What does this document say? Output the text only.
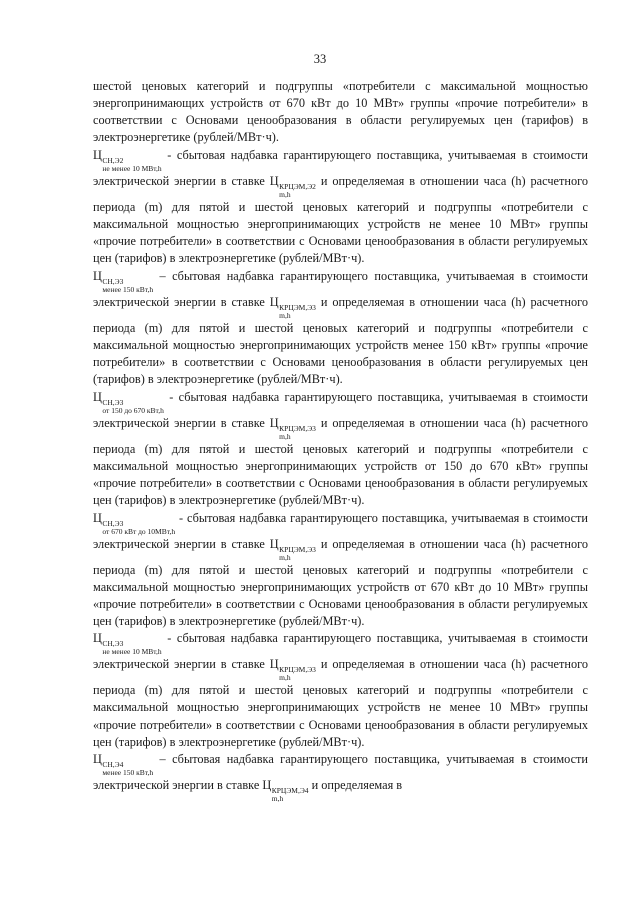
33

шестой ценовых категорий и подгруппы «потребители с максимальной мощностью энергопринимающих устройств от 670 кВт до 10 МВт» группы «прочие потребители» в соответствии с Основами ценообразования в области регулируемых цен (тарифов) в электроэнергетике (рублей/МВт·ч).

Ц СН,Э2
не менее 10 МВт,h
- сбытовая надбавка гарантирующего поставщика, учитываемая в стоимости электрической энергии в ставке Ц КРЦЭМ,Э2
m,h
и определяемая в отношении часа (h) расчетного периода (m) для пятой и шестой ценовых категорий и подгруппы «потребители с максимальной мощностью энергопринимающих устройств не менее 10 МВт» группы «прочие потребители» в соответствии с Основами ценообразования в области регулируемых цен (тарифов) в электроэнергетике (рублей/МВт·ч).

Ц СН,Э3
менее 150 кВт,h
– сбытовая надбавка гарантирующего поставщика, учитываемая в стоимости электрической энергии в ставке Ц КРЦЭМ,Э3
m,h
и определяемая в отношении часа (h) расчетного периода (m) для пятой и шестой ценовых категорий и подгруппы «потребители с максимальной мощностью энергопринимающих устройств менее 150 кВт» группы «прочие потребители» в соответствии с Основами ценообразования в области регулируемых цен (тарифов) в электроэнергетике (рублей/МВт·ч).

Ц СН,Э3
от 150 до 670 кВт,h
- сбытовая надбавка гарантирующего поставщика, учитываемая в стоимости электрической энергии в ставке Ц КРЦЭМ,Э3
m,h
и определяемая в отношении часа (h) расчетного периода (m) для пятой и шестой ценовых категорий и подгруппы «потребители с максимальной мощностью энергопринимающих устройств от 150 до 670 кВт» группы «прочие потребители» в соответствии с Основами ценообразования в области регулируемых цен (тарифов) в электроэнергетике (рублей/МВт·ч).

Ц СН,Э3
от 670 кВт до 10МВт,h
- сбытовая надбавка гарантирующего поставщика, учитываемая в стоимости электрической энергии в ставке Ц КРЦЭМ,Э3
m,h
и определяемая в отношении часа (h) расчетного периода (m) для пятой и шестой ценовых категорий и подгруппы «потребители с максимальной мощностью энергопринимающих устройств от 670 кВт до 10 МВт» группы «прочие потребители» в соответствии с Основами ценообразования в области регулируемых цен (тарифов) в электроэнергетике (рублей/МВт·ч).

Ц СН,Э3
не менее 10 МВт,h
- сбытовая надбавка гарантирующего поставщика, учитываемая в стоимости электрической энергии в ставке Ц КРЦЭМ,Э3
m,h
и определяемая в отношении часа (h) расчетного периода (m) для пятой и шестой ценовых категорий и подгруппы «потребители с максимальной мощностью энергопринимающих устройств не менее 10 МВт» группы «прочие потребители» в соответствии с Основами ценообразования в области регулируемых цен (тарифов) в электроэнергетике (рублей/МВт·ч).

Ц СН,Э4
менее 150 кВт,h
– сбытовая надбавка гарантирующего поставщика, учитываемая в стоимости электрической энергии в ставке Ц КРЦЭМ,Э4
m,h
и определяемая в
